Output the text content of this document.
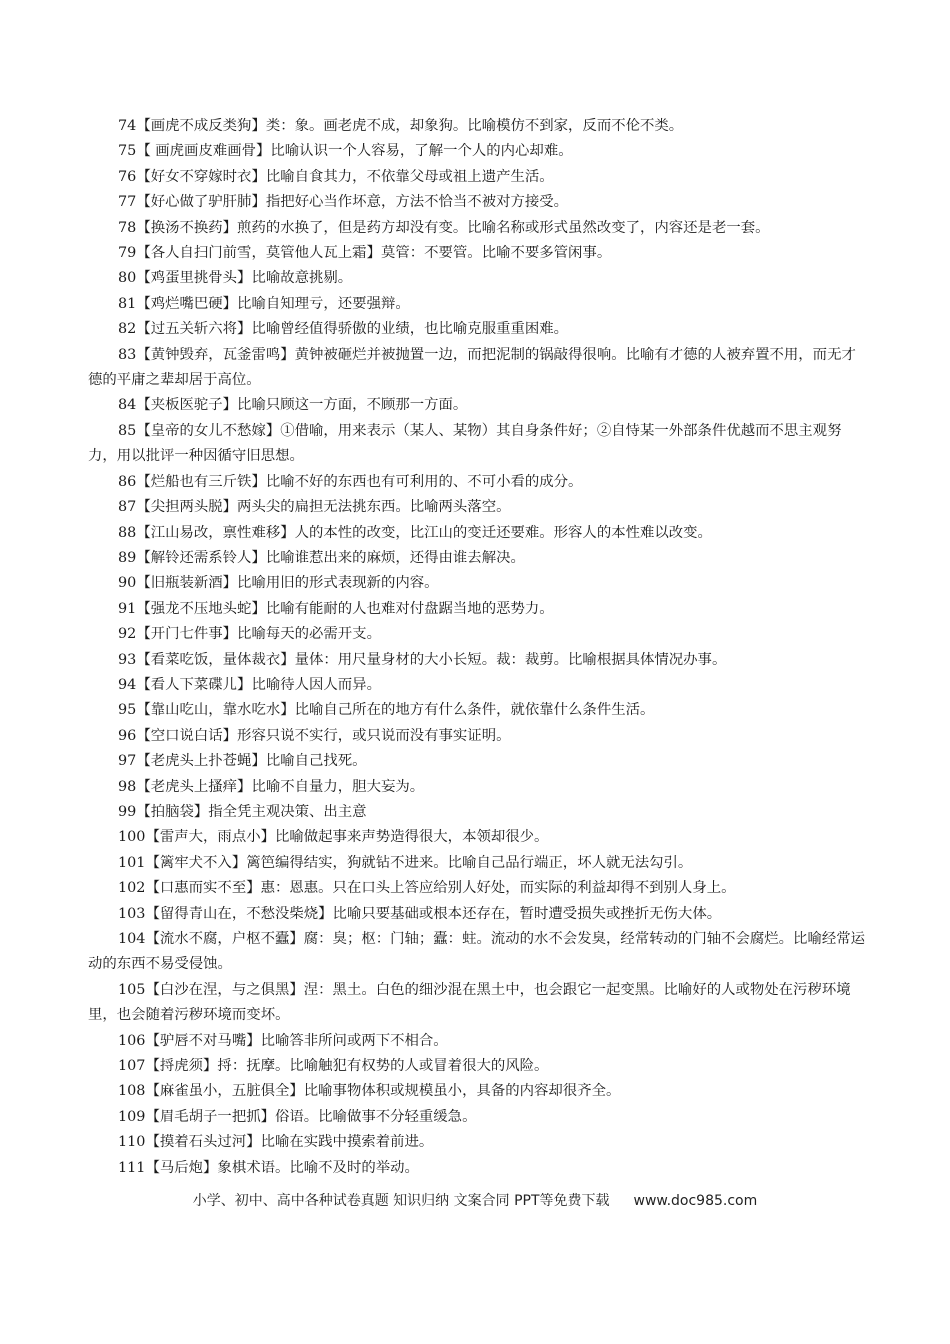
74【画虎不成反类狗】类：象。画老虎不成，却象狗。比喻模仿不到家，反而不伦不类。

75【 画虎画皮难画骨】比喻认识一个人容易，了解一个人的内心却难。

76【好女不穿嫁时衣】比喻自食其力，不依靠父母或祖上遗产生活。

77【好心做了驴肝肺】指把好心当作坏意，方法不恰当不被对方接受。

78【换汤不换药】煎药的水换了，但是药方却没有变。比喻名称或形式虽然改变了，内容还是老一套。

79【各人自扫门前雪，莫管他人瓦上霜】莫管：不要管。比喻不要多管闲事。

80【鸡蛋里挑骨头】比喻故意挑剔。

81【鸡烂嘴巴硬】比喻自知理亏，还要强辩。

82【过五关斩六将】比喻曾经值得骄傲的业绩，也比喻克服重重困难。

83【黄钟毁弃，瓦釜雷鸣】黄钟被砸烂并被抛置一边，而把泥制的锅敲得很响。比喻有才德的人被弃置不用，而无才德的平庸之辈却居于高位。

84【夹板医驼子】比喻只顾这一方面，不顾那一方面。

85【皇帝的女儿不愁嫁】①借喻，用来表示（某人、某物）其自身条件好；②自恃某一外部条件优越而不思主观努力，用以批评一种因循守旧思想。

86【烂船也有三斤铁】比喻不好的东西也有可利用的、不可小看的成分。

87【尖担两头脱】两头尖的扁担无法挑东西。比喻两头落空。

88【江山易改，禀性难移】人的本性的改变，比江山的变迁还要难。形容人的本性难以改变。

89【解铃还需系铃人】比喻谁惹出来的麻烦，还得由谁去解决。

90【旧瓶装新酒】比喻用旧的形式表现新的内容。

91【强龙不压地头蛇】比喻有能耐的人也难对付盘踞当地的恶势力。

92【开门七件事】比喻每天的必需开支。

93【看菜吃饭，量体裁衣】量体：用尺量身材的大小长短。裁：裁剪。比喻根据具体情况办事。

94【看人下菜碟儿】比喻待人因人而异。

95【靠山吃山，靠水吃水】比喻自己所在的地方有什么条件，就依靠什么条件生活。

96【空口说白话】形容只说不实行，或只说而没有事实证明。

97【老虎头上扑苍蝇】比喻自己找死。

98【老虎头上搔痒】比喻不自量力，胆大妄为。

99【拍脑袋】指全凭主观决策、出主意

100【雷声大，雨点小】比喻做起事来声势造得很大，本领却很少。

101【篱牢犬不入】篱笆编得结实，狗就钻不进来。比喻自己品行端正，坏人就无法勾引。

102【口惠而实不至】惠：恩惠。只在口头上答应给别人好处，而实际的利益却得不到别人身上。

103【留得青山在，不愁没柴烧】比喻只要基础或根本还存在，暂时遭受损失或挫折无伤大体。

104【流水不腐，户枢不蠹】腐：臭；枢：门轴；蠹：蛀。流动的水不会发臭，经常转动的门轴不会腐烂。比喻经常运动的东西不易受侵蚀。

105【白沙在涅，与之俱黑】涅：黑土。白色的细沙混在黑土中，也会跟它一起变黑。比喻好的人或物处在污秽环境里，也会随着污秽环境而变坏。

106【驴唇不对马嘴】比喻答非所问或两下不相合。

107【捋虎须】捋：抚摩。比喻触犯有权势的人或冒着很大的风险。

108【麻雀虽小，五脏俱全】比喻事物体积或规模虽小，具备的内容却很齐全。

109【眉毛胡子一把抓】俗语。比喻做事不分轻重缓急。

110【摸着石头过河】比喻在实践中摸索着前进。

111【马后炮】象棋术语。比喻不及时的举动。

小学、初中、高中各种试卷真题 知识归纳 文案合同 PPT等免费下载 www.doc985.com
